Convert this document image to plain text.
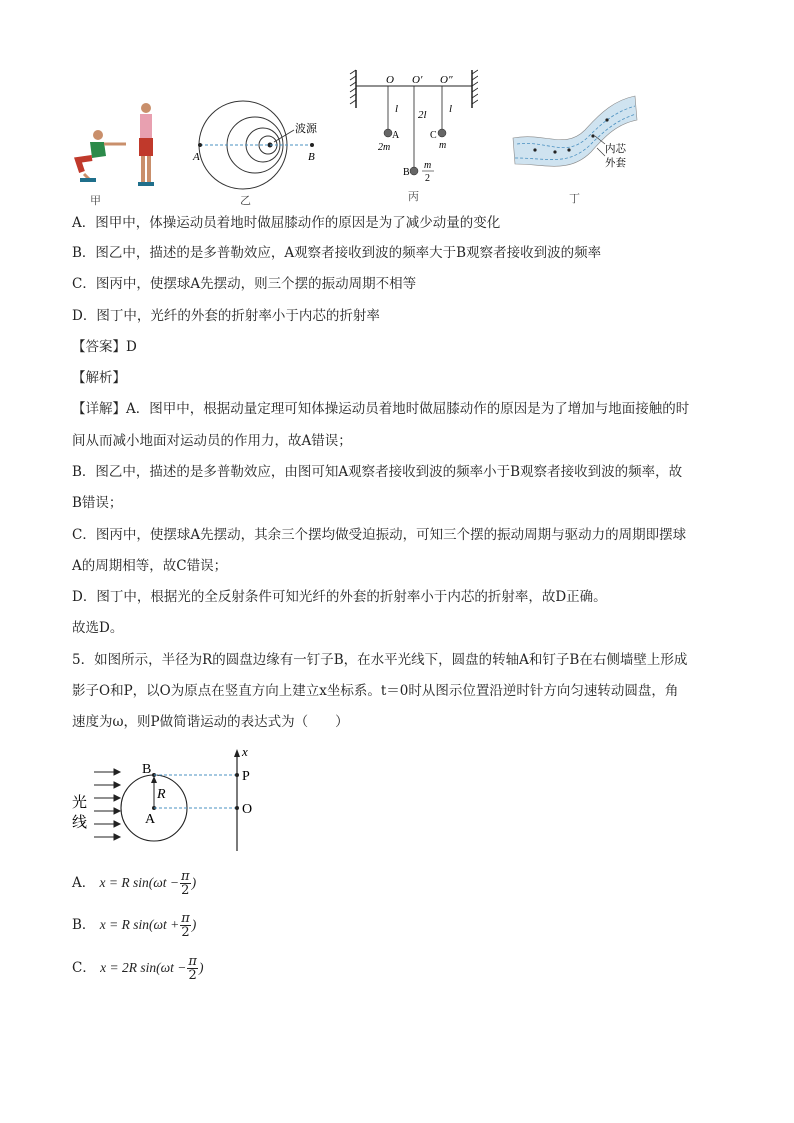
甲
波源
A	B
乙
O O′ O″
l 2l l
A
2m
C
m
B
m
2
丙
内芯
外套
丁
A．图甲中，体操运动员着地时做屈膝动作的原因是为了减少动量的变化
B．图乙中，描述的是多普勒效应，A观察者接收到波的频率大于B观察者接收到波的频率
C．图丙中，使摆球A先摆动，则三个摆的振动周期不相等
D．图丁中，光纤的外套的折射率小于内芯的折射率
【答案】D
【解析】
【详解】A．图甲中，根据动量定理可知体操运动员着地时做屈膝动作的原因是为了增加与地面接触的时
间从而减小地面对运动员的作用力，故A错误；
B．图乙中，描述的是多普勒效应，由图可知A观察者接收到波的频率小于B观察者接收到波的频率，故
B错误；
C．图丙中，使摆球A先摆动，其余三个摆均做受迫振动，可知三个摆的振动周期与驱动力的周期即摆球
A的周期相等，故C错误；
D．图丁中，根据光的全反射条件可知光纤的外套的折射率小于内芯的折射率，故D正确。
故选D。
5．如图所示，半径为R的圆盘边缘有一钉子B，在水平光线下，圆盘的转轴A和钉子B在右侧墙壁上形成
影子O和P，以O为原点在竖直方向上建立x坐标系。t＝0时从图示位置沿逆时针方向匀速转动圆盘，角
速度为ω，则P做简谐运动的表达式为（　　）
光
线
B
R
A
x
P
O
A． x = R $\sin(\omega t - \frac{\pi}{2}$ )
B． x = R $\sin(\omega t + \frac{\pi}{2}$ )
C． x = 2R $\sin(\omega t - \frac{\pi}{2}$ )
